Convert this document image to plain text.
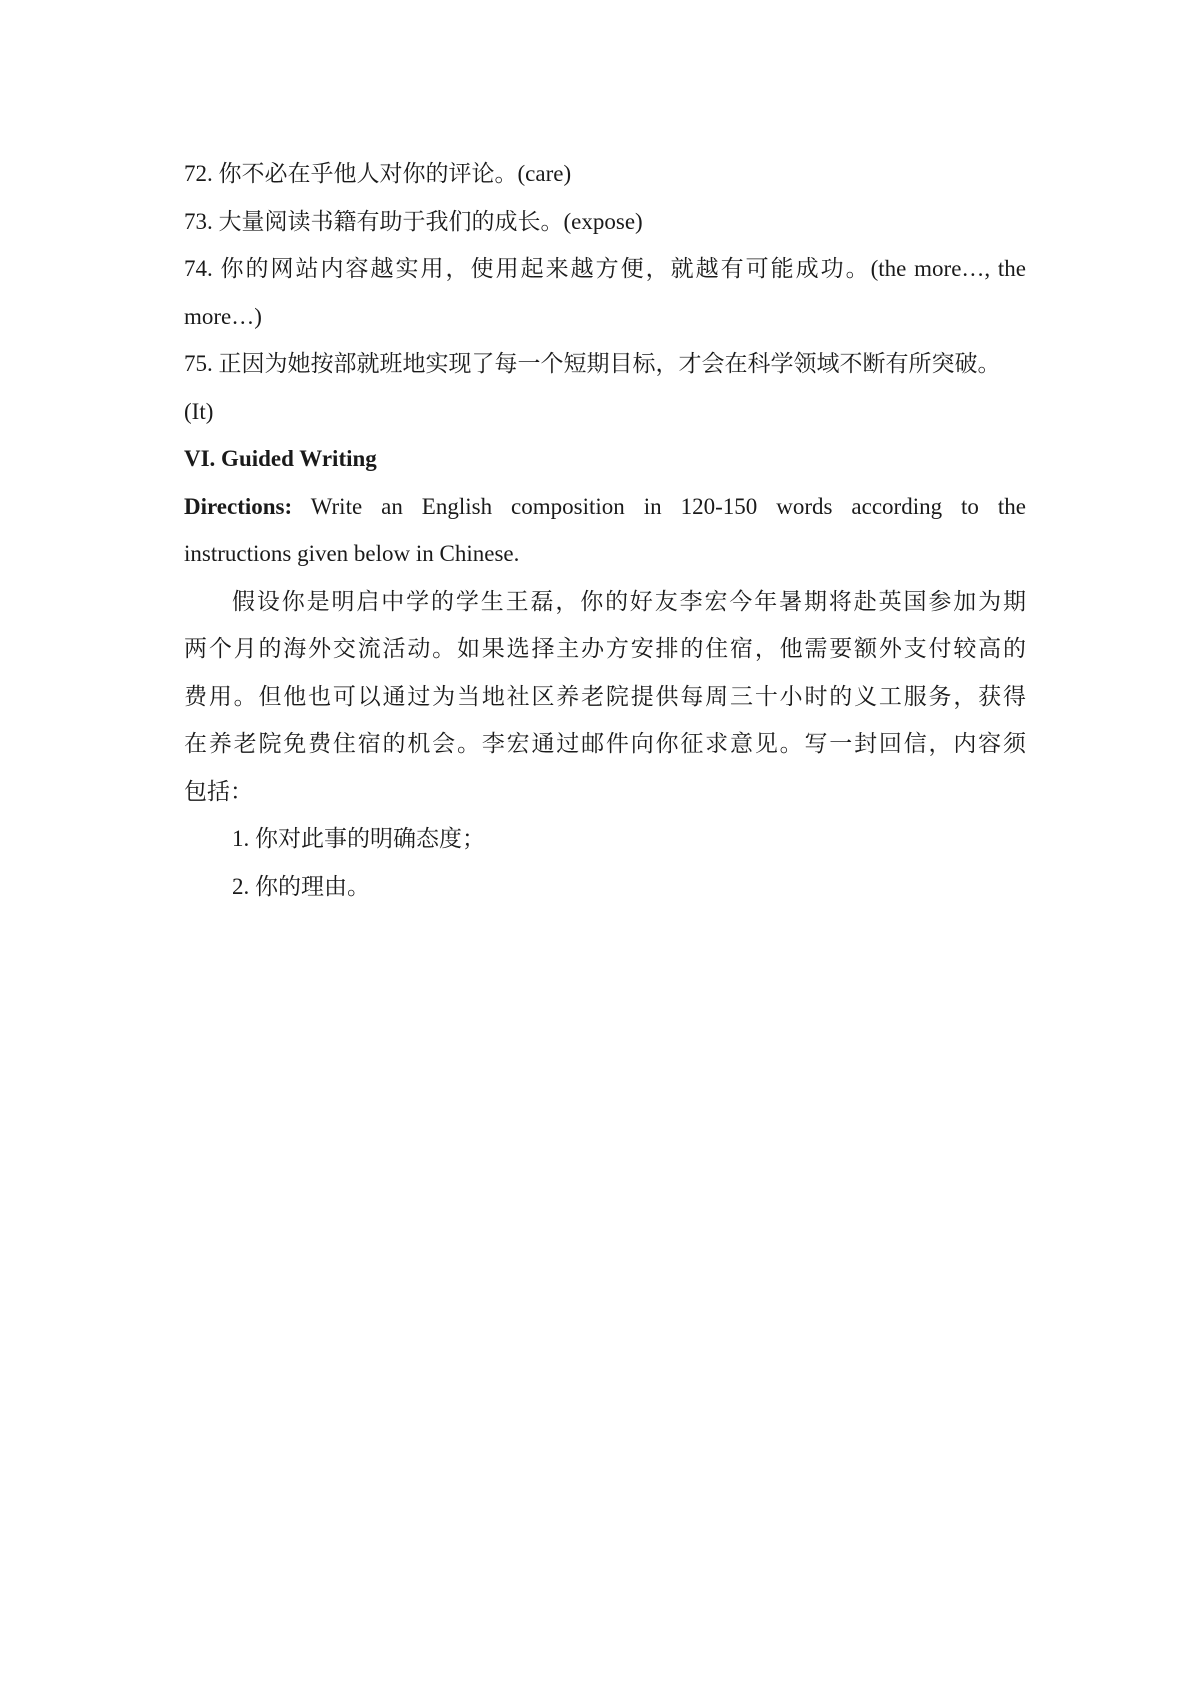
72. 你不必在乎他人对你的评论。(care)
73. 大量阅读书籍有助于我们的成长。(expose)
74. 你的网站内容越实用，使用起来越方便，就越有可能成功。(the more…, the
more…)
75. 正因为她按部就班地实现了每一个短期目标，才会在科学领域不断有所突破。
(It)
VI. Guided Writing
Directions: Write an English composition in 120-150 words according to the
instructions given below in Chinese.
假设你是明启中学的学生王磊，你的好友李宏今年暑期将赴英国参加为期
两个月的海外交流活动。如果选择主办方安排的住宿，他需要额外支付较高的
费用。但他也可以通过为当地社区养老院提供每周三十小时的义工服务，获得
在养老院免费住宿的机会。李宏通过邮件向你征求意见。写一封回信，内容须
包括：
1. 你对此事的明确态度；
2. 你的理由。
